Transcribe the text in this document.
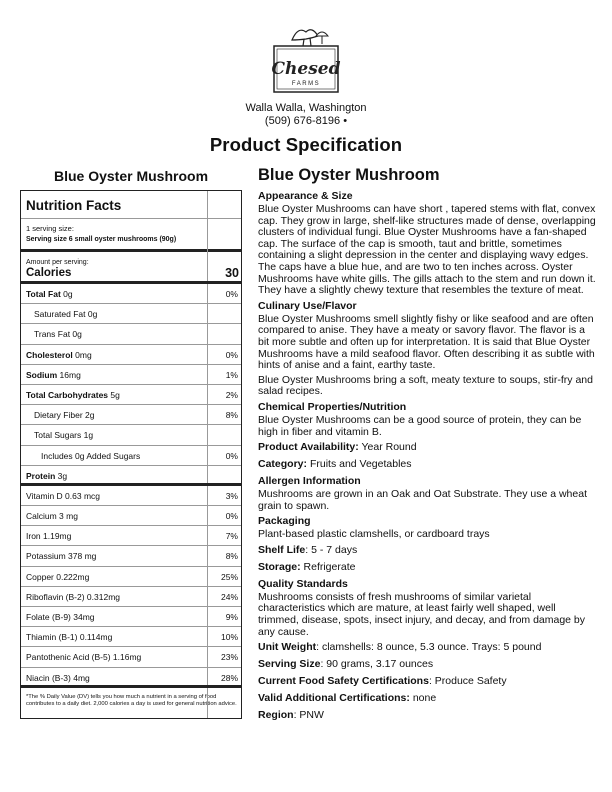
Chesed
FARMS
Walla Walla, Washington
(509) 676-8196 •
Product Specification
Blue Oyster Mushroom
Nutrition Facts
1 serving size:
Serving size 6 small oyster mushrooms (90g)
Amount per serving:
Calories	30
Total Fat 0g	0%
Saturated Fat 0g
Trans Fat 0g
Cholesterol 0mg	0%
Sodium 16mg	1%
Total Carbohydrates 5g	2%
Dietary Fiber 2g	8%
Total Sugars 1g
Includes 0g Added Sugars	0%
Protein 3g
Vitamin D 0.63 mcg	3%
Calcium 3 mg	0%
Iron 1.19mg	7%
Potassium 378 mg	8%
Copper 0.222mg	25%
Riboflavin (B-2) 0.312mg	24%
Folate (B-9) 34mg	9%
Thiamin (B-1) 0.114mg	10%
Pantothenic Acid (B-5) 1.16mg	23%
Niacin (B-3) 4mg	28%
*The % Daily Value (DV) tells you how much a nutrient in a serving of food contributes to a daily diet. 2,000 calories a day is used for general nutrition advice.
Blue Oyster Mushroom
Appearance & Size
Blue Oyster Mushrooms can have short , tapered stems with flat, convex cap. They grow in large, shelf-like structures made of dense, overlapping clusters of individual fungi. Blue Oyster Mushrooms have a fan-shaped cap. The surface of the cap is smooth, taut and brittle, sometimes containing a slight depression in the center and displaying wavy edges. The caps have a blue hue, and are two to ten inches across. Oyster Mushrooms have white gills. The gills attach to the stem and run down it. They have a slightly chewy texture that resembles the texture of meat.
Culinary Use/Flavor
Blue Oyster Mushrooms smell slightly fishy or like seafood and are often compared to anise. They have a meaty or savory flavor. The flavor is a bit more subtle and often up for interpretation. It is said that Blue Oyster Mushrooms have a mild seafood flavor. Often describing it as subtle with hints of anise and a faint, earthy taste.
Blue Oyster Mushrooms bring a soft, meaty texture to soups, stir-fry and salad recipes.
Chemical Properties/Nutrition
Blue Oyster Mushrooms can be a good source of protein, they can be high in fiber and vitamin B.
Product Availability: Year Round
Category: Fruits and Vegetables
Allergen Information
Mushrooms are grown in an Oak and Oat Substrate. They use a wheat grain to spawn.
Packaging
Plant-based plastic clamshells, or cardboard trays
Shelf Life: 5 - 7 days
Storage: Refrigerate
Quality Standards
Mushrooms consists of fresh mushrooms of similar varietal characteristics which are mature, at least fairly well shaped, well trimmed, disease, spots, insect injury, and decay, and from damage by any cause.
Unit Weight: clamshells: 8 ounce, 5.3 ounce. Trays: 5 pound
Serving Size: 90 grams, 3.17 ounces
Current Food Safety Certifications: Produce Safety
Valid Additional Certifications: none
Region: PNW
